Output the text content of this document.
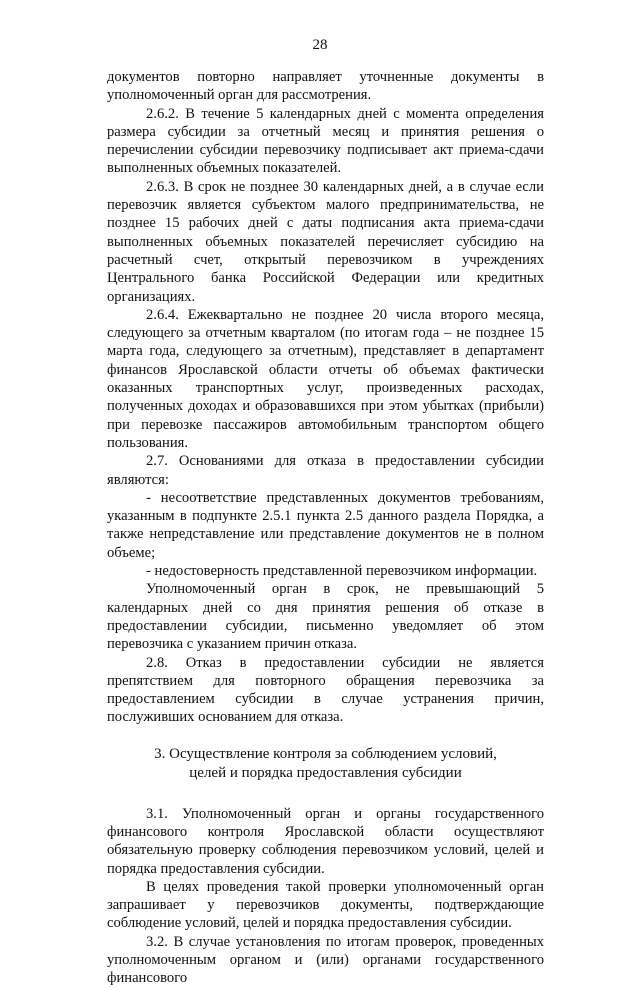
28

документов повторно направляет уточненные документы в уполномоченный орган для рассмотрения.

2.6.2. В течение 5 календарных дней с момента определения размера субсидии за отчетный месяц и принятия решения о перечислении субсидии перевозчику подписывает акт приема-сдачи выполненных объемных показателей.

2.6.3. В срок не позднее 30 календарных дней, а в случае если перевозчик является субъектом малого предпринимательства, не позднее 15 рабочих дней с даты подписания акта приема-сдачи выполненных объемных показателей перечисляет субсидию на расчетный счет, открытый перевозчиком в учреждениях Центрального банка Российской Федерации или кредитных организациях.

2.6.4. Ежеквартально не позднее 20 числа второго месяца, следующего за отчетным кварталом (по итогам года – не позднее 15 марта года, следующего за отчетным), представляет в департамент финансов Ярославской области отчеты об объемах фактически оказанных транспортных услуг, произведенных расходах, полученных доходах и образовавшихся при этом убытках (прибыли) при перевозке пассажиров автомобильным транспортом общего пользования.

2.7. Основаниями для отказа в предоставлении субсидии являются:

- несоответствие представленных документов требованиям, указанным в подпункте 2.5.1 пункта 2.5 данного раздела Порядка, а также непредставление или представление документов не в полном объеме;

- недостоверность представленной перевозчиком информации.

Уполномоченный орган в срок, не превышающий 5 календарных дней со дня принятия решения об отказе в предоставлении субсидии, письменно уведомляет об этом перевозчика с указанием причин отказа.

2.8. Отказ в предоставлении субсидии не является препятствием для повторного обращения перевозчика за предоставлением субсидии в случае устранения причин, послуживших основанием для отказа.

3. Осуществление контроля за соблюдением условий,
целей и порядка предоставления субсидии

3.1. Уполномоченный орган и органы государственного финансового контроля Ярославской области осуществляют обязательную проверку соблюдения перевозчиком условий, целей и порядка предоставления субсидии.

В целях проведения такой проверки уполномоченный орган запрашивает у перевозчиков документы, подтверждающие соблюдение условий, целей и порядка предоставления субсидии.

3.2. В случае установления по итогам проверок, проведенных уполномоченным органом и (или) органами государственного финансового
